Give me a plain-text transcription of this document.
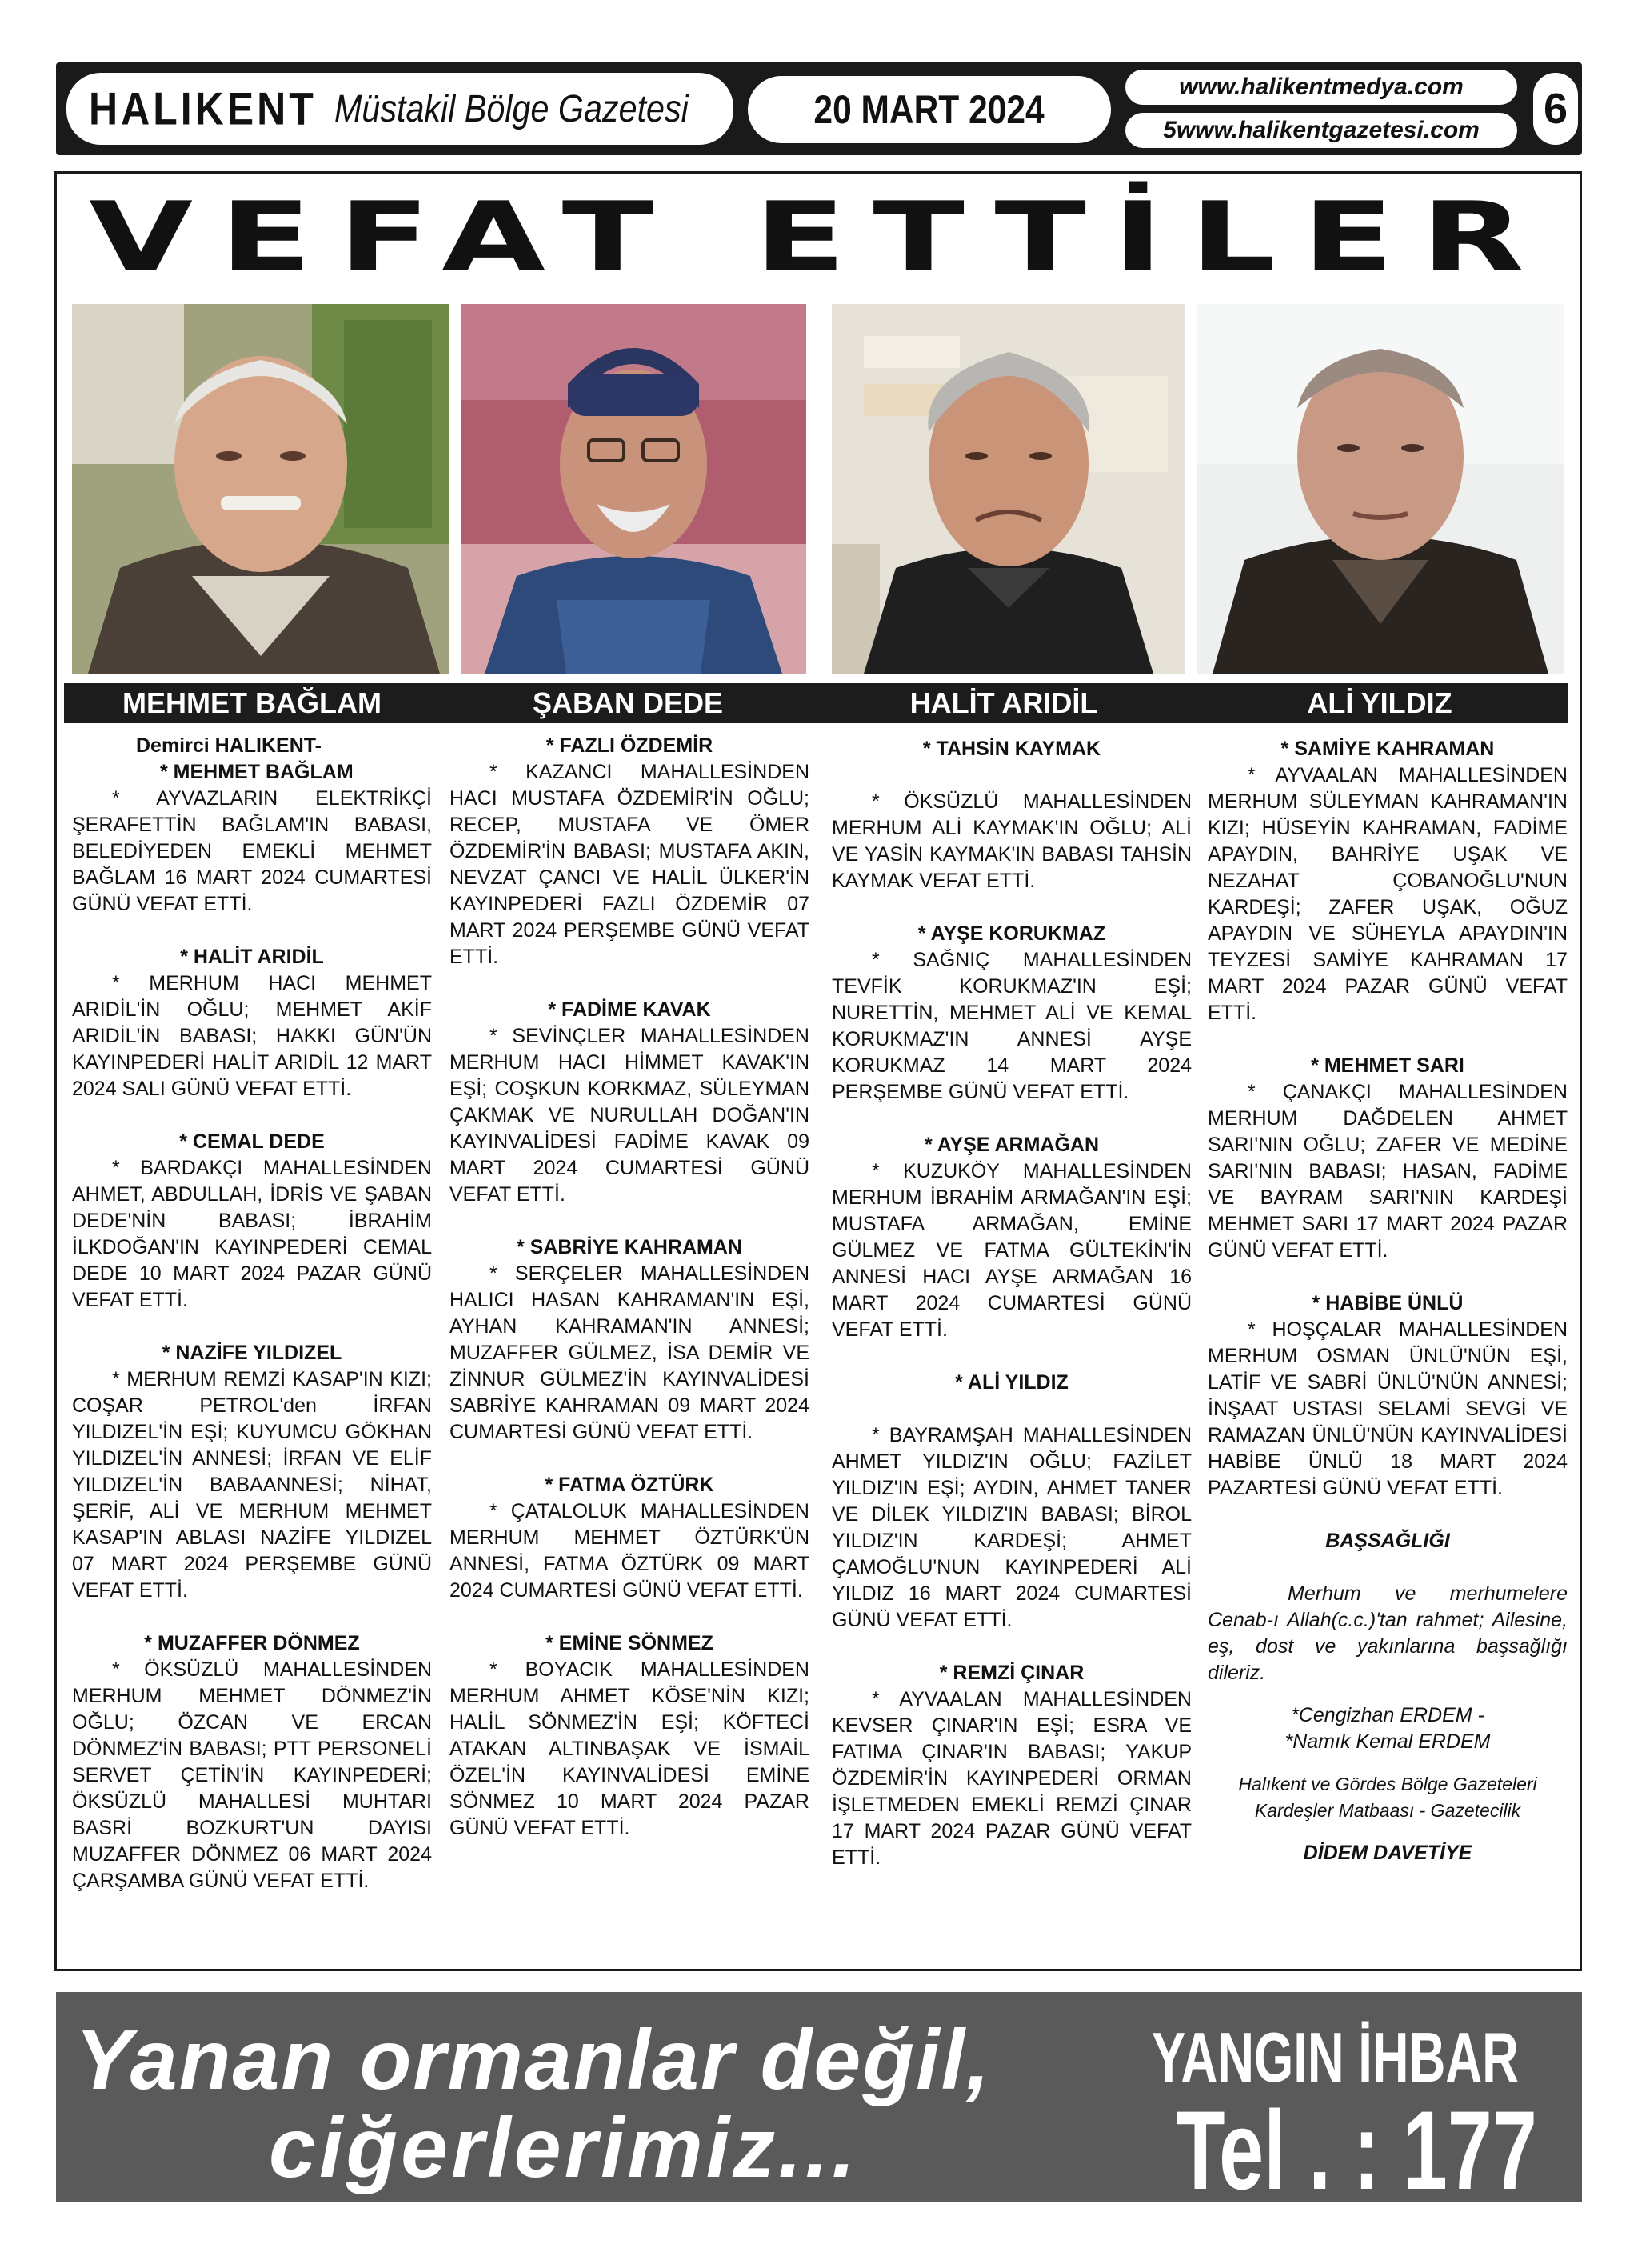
HALIKENT Müstakil Bölge Gazetesi	20 MART 2024
www.halikentmedya.com
5www.halikentgazetesi.com	6
VEFAT ETTİLER
MEHMET BAĞLAM	ŞABAN DEDE	HALİT ARIDİL	ALİ YILDIZ
Demirci HALIKENT-

* MEHMET BAĞLAM
* AYVAZLARIN ELEKTRİKÇİ ŞERAFETTİN BAĞLAM'IN BABASI, BELEDİYEDEN EMEKLİ MEHMET BAĞLAM 16 MART 2024 CUMARTESİ GÜNÜ VEFAT ETTİ.

* HALİT ARIDİL
* MERHUM HACI MEHMET ARIDİL'İN OĞLU; MEHMET AKİF ARIDİL'İN BABASI; HAKKI GÜN'ÜN KAYINPEDERİ HALİT ARIDİL 12 MART 2024 SALI GÜNÜ VEFAT ETTİ.

* CEMAL DEDE
* BARDAKÇI MAHALLESİNDEN AHMET, ABDULLAH, İDRİS VE ŞABAN DEDE'NİN BABASI; İBRAHİM İLKDOĞAN'IN KAYINPEDERİ CEMAL DEDE 10 MART 2024 PAZAR GÜNÜ VEFAT ETTİ.

* NAZİFE YILDIZEL
* MERHUM REMZİ KASAP'IN KIZI; COŞAR PETROL'den İRFAN YILDIZEL'İN EŞİ; KUYUMCU GÖKHAN YILDIZEL'İN ANNESİ; İRFAN VE ELİF YILDIZEL'İN BABAANNESİ; NİHAT, ŞERİF, ALİ VE MERHUM MEHMET KASAP'IN ABLASI NAZİFE YILDIZEL 07 MART 2024 PERŞEMBE GÜNÜ VEFAT ETTİ.

* MUZAFFER DÖNMEZ
* ÖKSÜZLÜ MAHALLESİNDEN MERHUM MEHMET DÖNMEZ'İN OĞLU; ÖZCAN VE ERCAN DÖNMEZ'İN BABASI; PTT PERSONELİ SERVET ÇETİN'İN KAYINPEDERİ; ÖKSÜZLÜ MAHALLESİ MUHTARI BASRİ BOZKURT'UN DAYISI MUZAFFER DÖNMEZ 06 MART 2024 ÇARŞAMBA GÜNÜ VEFAT ETTİ.

* FAZLI ÖZDEMİR
* KAZANCI MAHALLESİNDEN HACI MUSTAFA ÖZDEMİR'İN OĞLU; RECEP, MUSTAFA VE ÖMER ÖZDEMİR'İN BABASI; MUSTAFA AKIN, NEVZAT ÇANCI VE HALİL ÜLKER'İN KAYINPEDERİ FAZLI ÖZDEMİR 07 MART 2024 PERŞEMBE GÜNÜ VEFAT ETTİ.

* FADİME KAVAK
* SEVİNÇLER MAHALLESİNDEN MERHUM HACI HİMMET KAVAK'IN EŞİ; COŞKUN KORKMAZ, SÜLEYMAN ÇAKMAK VE NURULLAH DOĞAN'IN KAYINVALİDESİ FADİME KAVAK 09 MART 2024 CUMARTESİ GÜNÜ VEFAT ETTİ.

* SABRİYE KAHRAMAN
* SERÇELER MAHALLESİNDEN HALICI HASAN KAHRAMAN'IN EŞİ, AYHAN KAHRAMAN'IN ANNESİ; MUZAFFER GÜLMEZ, İSA DEMİR VE ZİNNUR GÜLMEZ'İN KAYINVALİDESİ SABRİYE KAHRAMAN 09 MART 2024 CUMARTESİ GÜNÜ VEFAT ETTİ.

* FATMA ÖZTÜRK
* ÇATALOLUK MAHALLESİNDEN MERHUM MEHMET ÖZTÜRK'ÜN ANNESİ, FATMA ÖZTÜRK 09 MART 2024 CUMARTESİ GÜNÜ VEFAT ETTİ.

* EMİNE SÖNMEZ
* BOYACIK MAHALLESİNDEN MERHUM AHMET KÖSE'NİN KIZI; HALİL SÖNMEZ'İN EŞİ; KÖFTECİ ATAKAN ALTINBAŞAK VE İSMAİL ÖZEL'İN KAYINVALİDESİ EMİNE SÖNMEZ 10 MART 2024 PAZAR GÜNÜ VEFAT ETTİ.

* TAHSİN KAYMAK
* ÖKSÜZLÜ MAHALLESİNDEN MERHUM ALİ KAYMAK'IN OĞLU; ALİ VE YASİN KAYMAK'IN BABASI TAHSİN KAYMAK VEFAT ETTİ.

* AYŞE KORUKMAZ
* SAĞNIÇ MAHALLESİNDEN TEVFİK KORUKMAZ'IN EŞİ; NURETTİN, MEHMET ALİ VE KEMAL KORUKMAZ'IN ANNESİ AYŞE KORUKMAZ 14 MART 2024 PERŞEMBE GÜNÜ VEFAT ETTİ.

* AYŞE ARMAĞAN
* KUZUKÖY MAHALLESİNDEN MERHUM İBRAHİM ARMAĞAN'IN EŞİ; MUSTAFA ARMAĞAN, EMİNE GÜLMEZ VE FATMA GÜLTEKİN'İN ANNESİ HACI AYŞE ARMAĞAN 16 MART 2024 CUMARTESİ GÜNÜ VEFAT ETTİ.

* ALİ YILDIZ
* BAYRAMŞAH MAHALLESİNDEN AHMET YILDIZ'IN OĞLU; FAZİLET YILDIZ'IN EŞİ; AYDIN, AHMET TANER VE DİLEK YILDIZ'IN BABASI; BİROL YILDIZ'IN KARDEŞİ; AHMET ÇAMOĞLU'NUN KAYINPEDERİ ALİ YILDIZ 16 MART 2024 CUMARTESİ GÜNÜ VEFAT ETTİ.

* REMZİ ÇINAR
* AYVAALAN MAHALLESİNDEN KEVSER ÇINAR'IN EŞİ; ESRA VE FATIMA ÇINAR'IN BABASI; YAKUP ÖZDEMİR'İN KAYINPEDERİ ORMAN İŞLETMEDEN EMEKLİ REMZİ ÇINAR 17 MART 2024 PAZAR GÜNÜ VEFAT ETTİ.

* SAMİYE KAHRAMAN
* AYVAALAN MAHALLESİNDEN MERHUM SÜLEYMAN KAHRAMAN'IN KIZI; HÜSEYİN KAHRAMAN, FADİME APAYDIN, BAHRİYE UŞAK VE NEZAHAT ÇOBANOĞLU'NUN KARDEŞİ; ZAFER UŞAK, OĞUZ APAYDIN VE SÜHEYLA APAYDIN'IN TEYZESİ SAMİYE KAHRAMAN 17 MART 2024 PAZAR GÜNÜ VEFAT ETTİ.

* MEHMET SARI
* ÇANAKÇI MAHALLESİNDEN MERHUM DAĞDELEN AHMET SARI'NIN OĞLU; ZAFER VE MEDİNE SARI'NIN BABASI; HASAN, FADİME VE BAYRAM SARI'NIN KARDEŞİ MEHMET SARI 17 MART 2024 PAZAR GÜNÜ VEFAT ETTİ.

* HABİBE ÜNLÜ
* HOŞÇALAR MAHALLESİNDEN MERHUM OSMAN ÜNLÜ'NÜN EŞİ, LATİF VE SABRİ ÜNLÜ'NÜN ANNESİ; İNŞAAT USTASI SELAMİ SEVGİ VE RAMAZAN ÜNLÜ'NÜN KAYINVALİDESİ HABİBE ÜNLÜ 18 MART 2024 PAZARTESİ GÜNÜ VEFAT ETTİ.

BAŞSAĞLIĞI
Merhum ve merhumelere Cenab-ı Allah(c.c.)'tan rahmet; Ailesine, eş, dost ve yakınlarına başsağlığı dileriz.

*Cengizhan ERDEM -
*Namık Kemal ERDEM

Halıkent ve Gördes Bölge Gazeteleri
Kardeşler Matbaası - Gazetecilik

DİDEM DAVETİYE
Yanan ormanlar değil,
ciğerlerimiz...
YANGIN İHBAR
Tel . : 177
